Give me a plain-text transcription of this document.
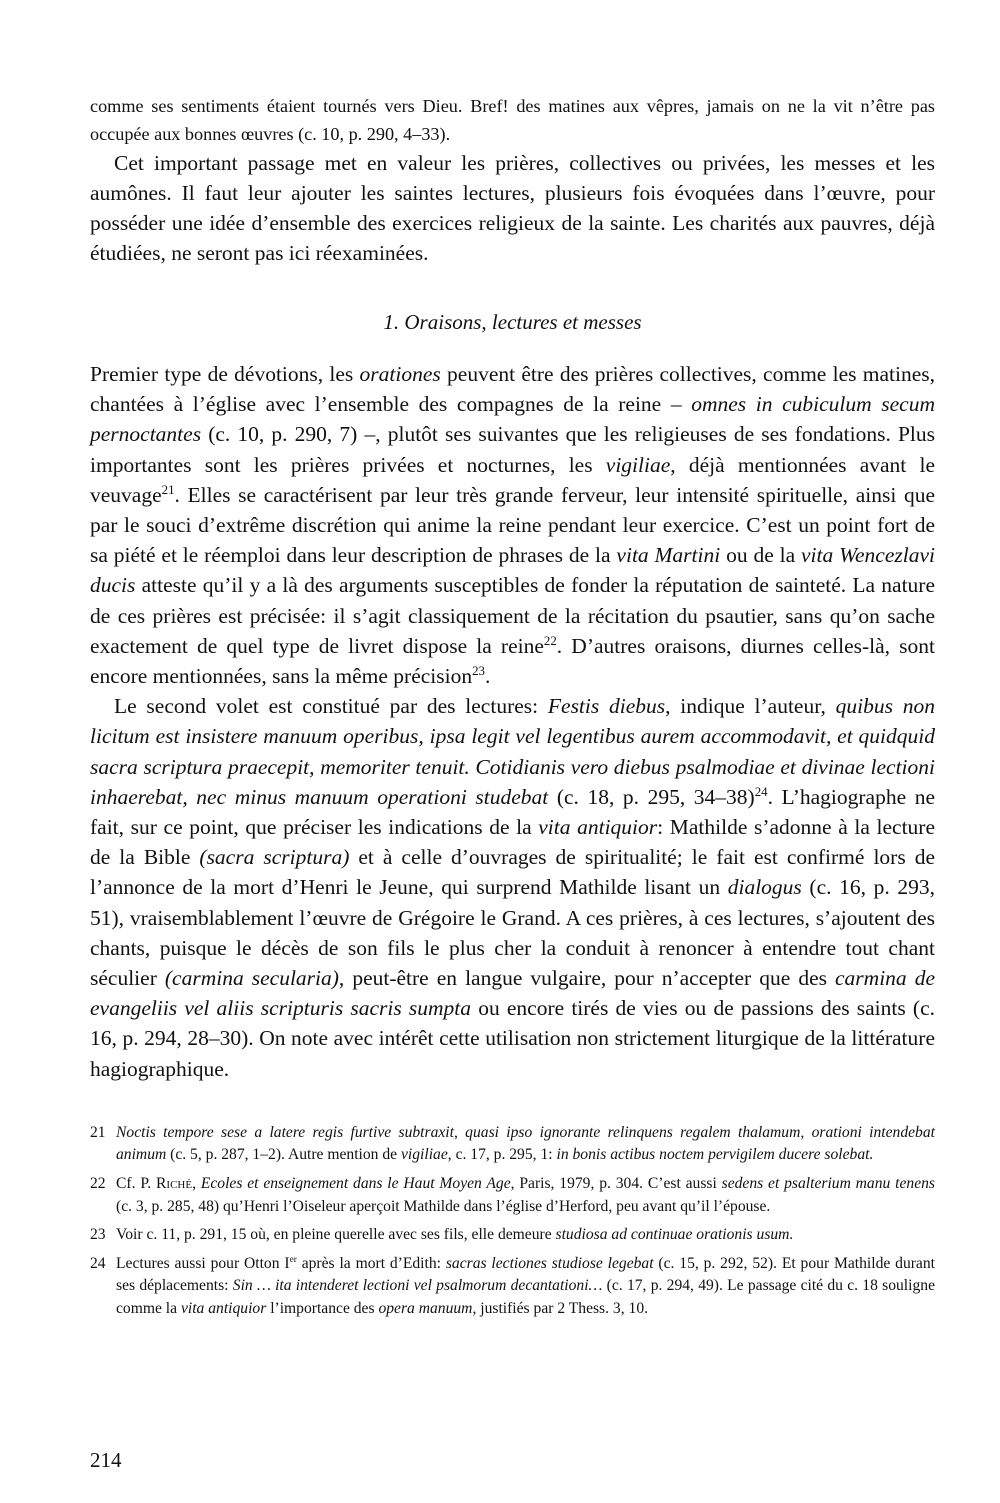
comme ses sentiments étaient tournés vers Dieu. Bref! des matines aux vêpres, jamais on ne la vit n’être pas occupée aux bonnes œuvres (c. 10, p. 290, 4–33).

Cet important passage met en valeur les prières, collectives ou privées, les messes et les aumônes. Il faut leur ajouter les saintes lectures, plusieurs fois évoquées dans l’œuvre, pour posséder une idée d’ensemble des exercices religieux de la sainte. Les charités aux pauvres, déjà étudiées, ne seront pas ici réexaminées.

1. Oraisons, lectures et messes

Premier type de dévotions, les orationes peuvent être des prières collectives, comme les matines, chantées à l’église avec l’ensemble des compagnes de la reine – omnes in cubiculum secum pernoctantes (c. 10, p. 290, 7) –, plutôt ses suivantes que les religieuses de ses fondations. Plus importantes sont les prières privées et nocturnes, les vigiliae, déjà mentionnées avant le veuvage$^{21}$. Elles se caractérisent par leur très grande ferveur, leur intensité spirituelle, ainsi que par le souci d’extrême discrétion qui anime la reine pendant leur exercice. C’est un point fort de sa piété et le réemploi dans leur description de phrases de la vita Martini ou de la vita Wencezlavi ducis atteste qu’il y a là des arguments susceptibles de fonder la réputation de sainteté. La nature de ces prières est précisée: il s’agit classiquement de la récitation du psautier, sans qu’on sache exactement de quel type de livret dispose la reine$^{22}$. D’autres oraisons, diurnes celles-là, sont encore mentionnées, sans la même précision$^{23}$.

Le second volet est constitué par des lectures: Festis diebus, indique l’auteur, quibus non licitum est insistere manuum operibus, ipsa legit vel legentibus aurem accommodavit, et quidquid sacra scriptura praecepit, memoriter tenuit. Cotidianis vero diebus psalmodiae et divinae lectioni inhaerebat, nec minus manuum operationi studebat (c. 18, p. 295, 34–38)$^{24}$. L’hagiographe ne fait, sur ce point, que préciser les indications de la vita antiquior: Mathilde s’adonne à la lecture de la Bible (sacra scriptura) et à celle d’ouvrages de spiritualité; le fait est confirmé lors de l’annonce de la mort d’Henri le Jeune, qui surprend Mathilde lisant un dialogus (c. 16, p. 293, 51), vraisemblablement l’œuvre de Grégoire le Grand. A ces prières, à ces lectures, s’ajoutent des chants, puisque le décès de son fils le plus cher la conduit à renoncer à entendre tout chant séculier (carmina secularia), peut-être en langue vulgaire, pour n’accepter que des carmina de evangeliis vel aliis scripturis sacris sumpta ou encore tirés de vies ou de passions des saints (c. 16, p. 294, 28–30). On note avec intérêt cette utilisation non strictement liturgique de la littérature hagiographique.

21 Noctis tempore sese a latere regis furtive subtraxit, quasi ipso ignorante relinquens regalem thalamum, orationi intendebat animum (c. 5, p. 287, 1–2). Autre mention de vigiliae, c. 17, p. 295, 1: in bonis actibus noctem pervigilem ducere solebat.
22 Cf. P. Riché, Ecoles et enseignement dans le Haut Moyen Age, Paris, 1979, p. 304. C’est aussi sedens et psalterium manu tenens (c. 3, p. 285, 48) qu’Henri l’Oiseleur aperçoit Mathilde dans l’église d’Herford, peu avant qu’il l’épouse.
23 Voir c. 11, p. 291, 15 où, en pleine querelle avec ses fils, elle demeure studiosa ad continuae orationis usum.
24 Lectures aussi pour Otton Ier après la mort d’Edith: sacras lectiones studiose legebat (c. 15, p. 292, 52). Et pour Mathilde durant ses déplacements: Sin … ita intenderet lectioni vel psalmorum decantationi… (c. 17, p. 294, 49). Le passage cité du c. 18 souligne comme la vita antiquior l’importance des opera manuum, justifiés par 2 Thess. 3, 10.
214
